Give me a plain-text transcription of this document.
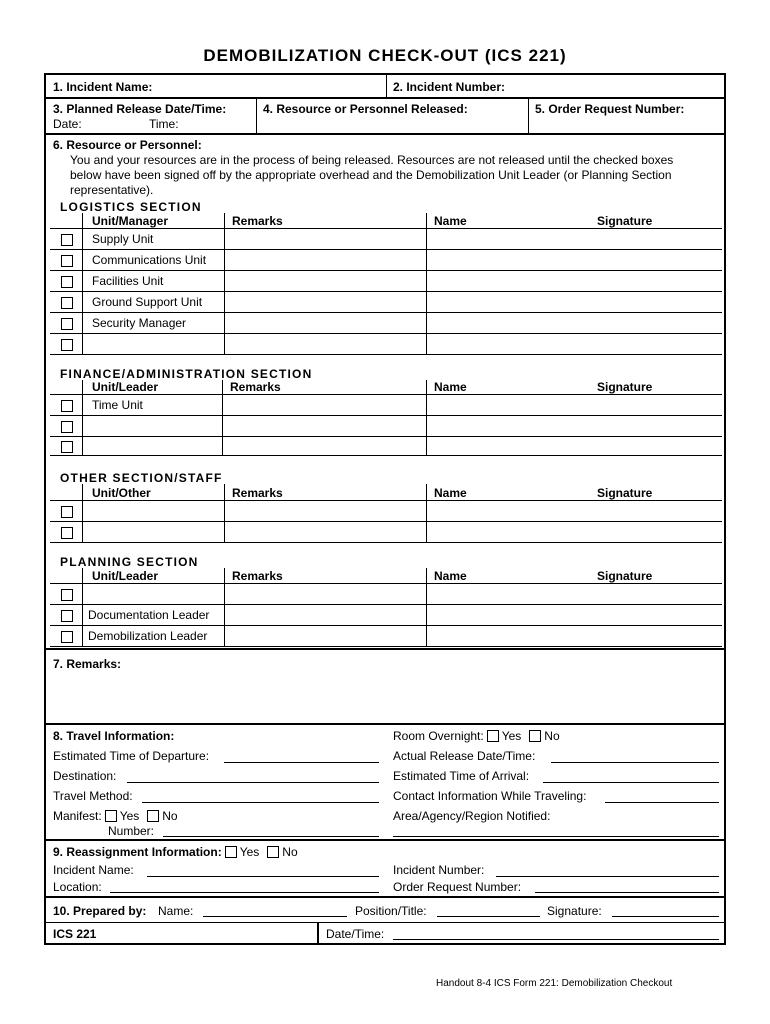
DEMOBILIZATION CHECK-OUT (ICS 221)
1. Incident Name:	2. Incident Number:
3. Planned Release Date/Time:
Date:	Time:
4. Resource or Personnel Released:	5. Order Request Number:
6. Resource or Personnel:
You and your resources are in the process of being released. Resources are not released until the checked boxes
below have been signed off by the appropriate overhead and the Demobilization Unit Leader (or Planning Section
representative).
LOGISTICS SECTION
Unit/Manager	Remarks	Name	Signature
Supply Unit
Communications Unit
Facilities Unit
Ground Support Unit
Security Manager
FINANCE/ADMINISTRATION SECTION
Unit/Leader	Remarks	Name	Signature
Time Unit
OTHER SECTION/STAFF
Unit/Other	Remarks	Name	Signature
PLANNING SECTION
Unit/Leader	Remarks	Name	Signature
Documentation Leader
Demobilization Leader
7. Remarks:
8. Travel Information:	Room Overnight: Yes No
Estimated Time of Departure:	Actual Release Date/Time:
Destination:	Estimated Time of Arrival:
Travel Method:	Contact Information While Traveling:
Manifest: Yes No	Area/Agency/Region Notified:
Number:
9. Reassignment Information: Yes No
Incident Name:	Incident Number:
Location:	Order Request Number:
10. Prepared by: Name:	Position/Title:	Signature:
ICS 221	Date/Time:
Handout 8-4 ICS Form 221: Demobilization Checkout
